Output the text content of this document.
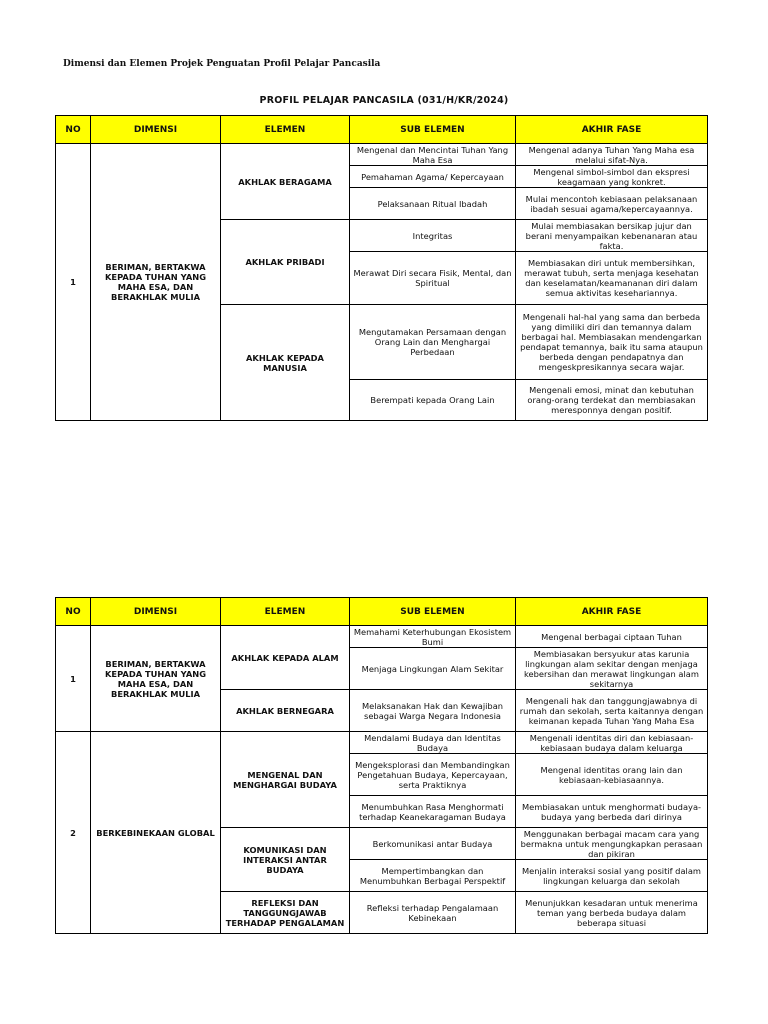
Dimensi dan Elemen Projek Penguatan Profil Pelajar Pancasila
PROFIL PELAJAR PANCASILA (031/H/KR/2024)
NO	DIMENSI	ELEMEN	SUB ELEMEN	AKHIR FASE
1	BERIMAN, BERTAKWA KEPADA TUHAN YANG MAHA ESA, DAN BERAKHLAK MULIA	AKHLAK BERAGAMA	Mengenal dan Mencintai Tuhan Yang Maha Esa	Mengenal adanya Tuhan Yang Maha esa melalui sifat-Nya.
			Pemahaman Agama/ Kepercayaan	Mengenal simbol-simbol dan ekspresi keagamaan yang konkret.
			Pelaksanaan Ritual Ibadah	Mulai mencontoh kebiasaan pelaksanaan ibadah sesuai agama/kepercayaannya.
		AKHLAK PRIBADI	Integritas	Mulai membiasakan bersikap jujur dan berani menyampaikan kebenanaran atau fakta.
			Merawat Diri secara Fisik, Mental, dan Spiritual	Membiasakan diri untuk membersihkan, merawat tubuh, serta menjaga kesehatan dan keselamatan/keamananan diri dalam semua aktivitas kesehariannya.
		AKHLAK KEPADA MANUSIA	Mengutamakan Persamaan dengan Orang Lain dan Menghargai Perbedaan	Mengenali hal-hal yang sama dan berbeda yang dimiliki diri dan temannya dalam berbagai hal. Membiasakan mendengarkan pendapat temannya, baik itu sama ataupun berbeda dengan pendapatnya dan mengeskpresikannya secara wajar.
			Berempati kepada Orang Lain	Mengenali emosi, minat dan kebutuhan orang-orang terdekat dan membiasakan meresponnya dengan positif.
NO	DIMENSI	ELEMEN	SUB ELEMEN	AKHIR FASE
1	BERIMAN, BERTAKWA KEPADA TUHAN YANG MAHA ESA, DAN BERAKHLAK MULIA	AKHLAK KEPADA ALAM	Memahami Keterhubungan Ekosistem Bumi	Mengenal berbagai ciptaan Tuhan
			Menjaga Lingkungan Alam Sekitar	Membiasakan bersyukur atas karunia lingkungan alam sekitar dengan menjaga kebersihan dan merawat lingkungan alam sekitarnya
		AKHLAK BERNEGARA	Melaksanakan Hak dan Kewajiban sebagai Warga Negara Indonesia	Mengenali hak dan tanggungjawabnya di rumah dan sekolah, serta kaitannya dengan keimanan kepada Tuhan Yang Maha Esa
2	BERKEBINEKAAN GLOBAL	MENGENAL DAN MENGHARGAI BUDAYA	Mendalami Budaya dan Identitas Budaya	Mengenali identitas diri dan kebiasaan-kebiasaan budaya dalam keluarga
			Mengeksplorasi dan Membandingkan Pengetahuan Budaya, Kepercayaan, serta Praktiknya	Mengenal identitas orang lain dan kebiasaan-kebiasaannya.
			Menumbuhkan Rasa Menghormati terhadap Keanekaragaman Budaya	Membiasakan untuk menghormati budaya-budaya yang berbeda dari dirinya
		KOMUNIKASI DAN INTERAKSI ANTAR BUDAYA	Berkomunikasi antar Budaya	Menggunakan berbagai macam cara yang bermakna untuk mengungkapkan perasaan dan pikiran
			Mempertimbangkan dan Menumbuhkan Berbagai Perspektif	Menjalin interaksi sosial yang positif dalam lingkungan keluarga dan sekolah
		REFLEKSI DAN TANGGUNGJAWAB TERHADAP PENGALAMAN	Refleksi terhadap Pengalamaan Kebinekaan	Menunjukkan kesadaran untuk menerima teman yang berbeda budaya dalam beberapa situasi
